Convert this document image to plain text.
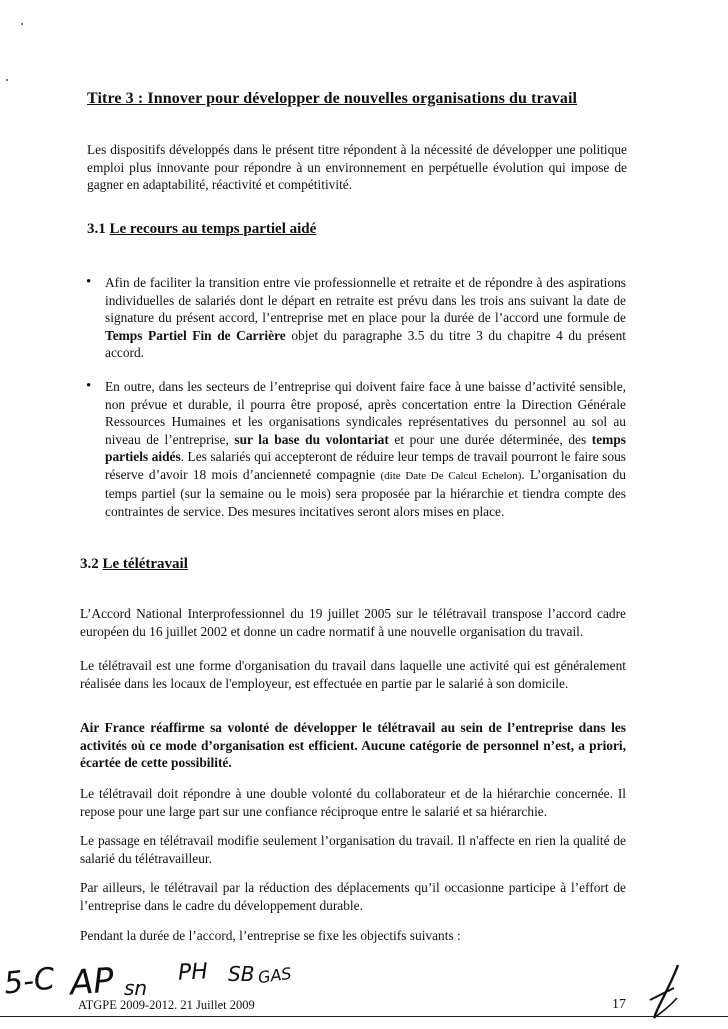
Titre 3 : Innover pour développer de nouvelles organisations du travail

Les dispositifs développés dans le présent titre répondent à la nécessité de développer une politique emploi plus innovante pour répondre à un environnement en perpétuelle évolution qui impose de gagner en adaptabilité, réactivité et compétitivité.

3.1 Le recours au temps partiel aidé
• Afin de faciliter la transition entre vie professionnelle et retraite et de répondre à des aspirations individuelles de salariés dont le départ en retraite est prévu dans les trois ans suivant la date de signature du présent accord, l’entreprise met en place pour la durée de l’accord une formule de Temps Partiel Fin de Carrière objet du paragraphe 3.5 du titre 3 du chapitre 4 du présent accord.

• En outre, dans les secteurs de l’entreprise qui doivent faire face à une baisse d’activité sensible, non prévue et durable, il pourra être proposé, après concertation entre la Direction Générale Ressources Humaines et les organisations syndicales représentatives du personnel au sol au niveau de l’entreprise, sur la base du volontariat et pour une durée déterminée, des temps partiels aidés. Les salariés qui accepteront de réduire leur temps de travail pourront le faire sous réserve d’avoir 18 mois d’ancienneté compagnie (dite Date De Calcul Echelon). L’organisation du temps partiel (sur la semaine ou le mois) sera proposée par la hiérarchie et tiendra compte des contraintes de service. Des mesures incitatives seront alors mises en place.

3.2 Le télétravail

L’Accord National Interprofessionnel du 19 juillet 2005 sur le télétravail transpose l’accord cadre européen du 16 juillet 2002 et donne un cadre normatif à une nouvelle organisation du travail.

Le télétravail est une forme d'organisation du travail dans laquelle une activité qui est généralement réalisée dans les locaux de l'employeur, est effectuée en partie par le salarié à son domicile.

Air France réaffirme sa volonté de développer le télétravail au sein de l’entreprise dans les activités où ce mode d’organisation est efficient. Aucune catégorie de personnel n’est, a priori, écartée de cette possibilité.

Le télétravail doit répondre à une double volonté du collaborateur et de la hiérarchie concernée. Il repose pour une large part sur une confiance réciproque entre le salarié et sa hiérarchie.

Le passage en télétravail modifie seulement l’organisation du travail. Il n'affecte en rien la qualité de salarié du télétravailleur.

Par ailleurs, le télétravail par la réduction des déplacements qu’il occasionne participe à l’effort de l’entreprise dans le cadre du développement durable.

Pendant la durée de l’accord, l’entreprise se fixe les objectifs suivants :

5-C AP sn
PH SB GAS
ATGPE 2009-2012. 21 Juillet 2009	17
